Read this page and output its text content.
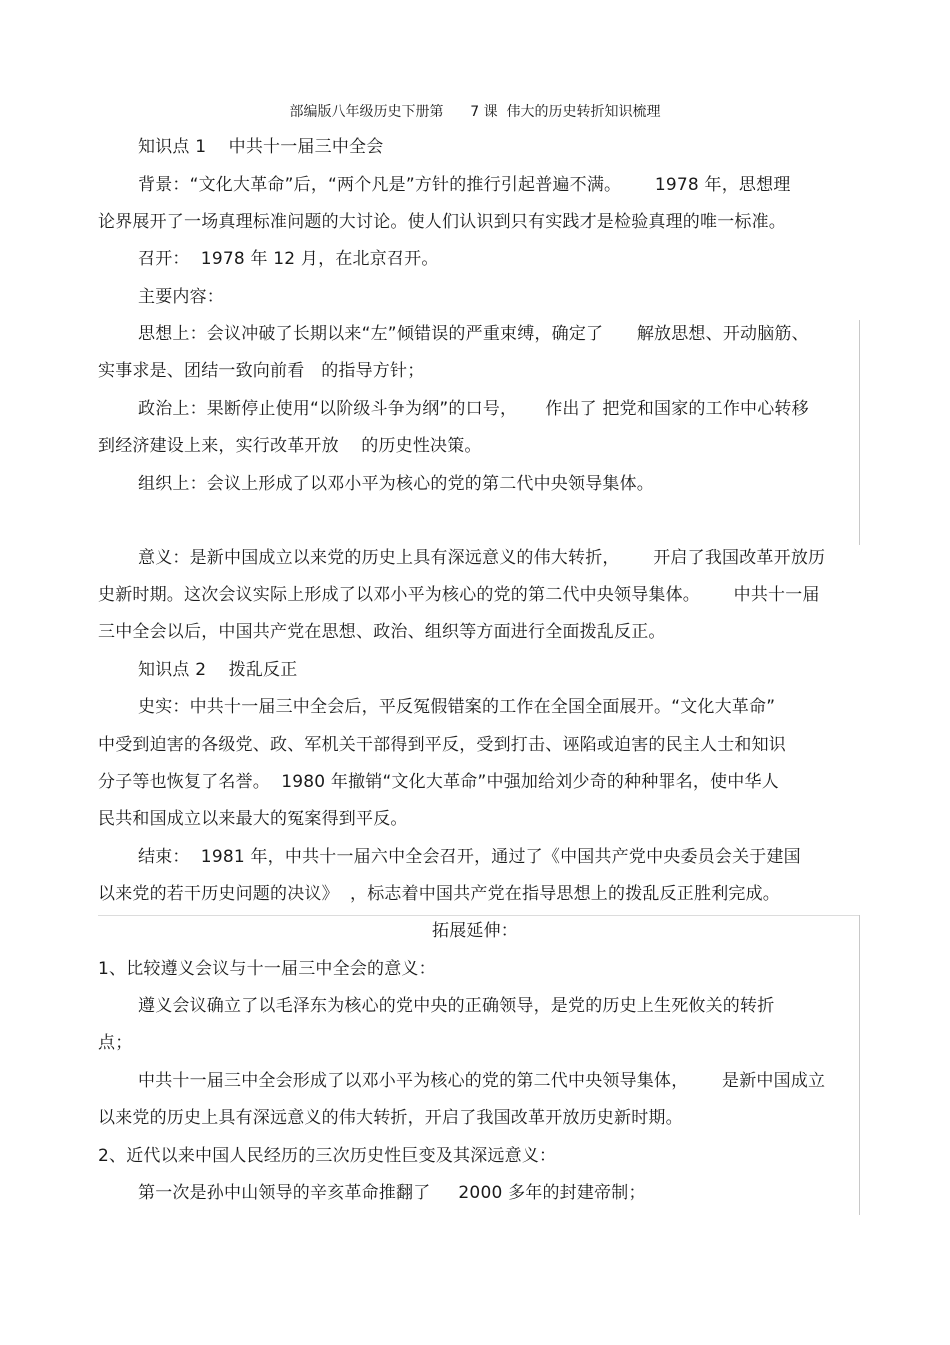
部编版八年级历史下册第      7 课  伟大的历史转折知识梳理
知识点 1    中共十一届三中全会
背景：“文化大革命”后，“两个凡是”方针的推行引起普遍不满。      1978 年，思想理
论界展开了一场真理标准问题的大讨论。使人们认识到只有实践才是检验真理的唯一标准。
召开：  1978 年 12 月，在北京召开。
主要内容：
思想上：会议冲破了长期以来“左”倾错误的严重束缚，确定了      解放思想、开动脑筋、
实事求是、团结一致向前看   的指导方针；
政治上：果断停止使用“以阶级斗争为纲”的口号，     作出了 把党和国家的工作中心转移
到经济建设上来，实行改革开放    的历史性决策。
组织上：会议上形成了以邓小平为核心的党的第二代中央领导集体。
意义：是新中国成立以来党的历史上具有深远意义的伟大转折，      开启了我国改革开放历
史新时期。这次会议实际上形成了以邓小平为核心的党的第二代中央领导集体。      中共十一届
三中全会以后，中国共产党在思想、政治、组织等方面进行全面拨乱反正。
知识点 2    拨乱反正
史实：中共十一届三中全会后，平反冤假错案的工作在全国全面展开。“文化大革命”
中受到迫害的各级党、政、军机关干部得到平反，受到打击、诬陷或迫害的民主人士和知识
分子等也恢复了名誉。  1980 年撤销“文化大革命”中强加给刘少奇的种种罪名，使中华人
民共和国成立以来最大的冤案得到平反。
结束：  1981 年，中共十一届六中全会召开，通过了《中国共产党中央委员会关于建国
以来党的若干历史问题的决议》  ，标志着中国共产党在指导思想上的拨乱反正胜利完成。
拓展延伸：
1、比较遵义会议与十一届三中全会的意义：
遵义会议确立了以毛泽东为核心的党中央的正确领导，是党的历史上生死攸关的转折
点；
中共十一届三中全会形成了以邓小平为核心的党的第二代中央领导集体，      是新中国成立
以来党的历史上具有深远意义的伟大转折，开启了我国改革开放历史新时期。
2、近代以来中国人民经历的三次历史性巨变及其深远意义：
第一次是孙中山领导的辛亥革命推翻了     2000 多年的封建帝制；
